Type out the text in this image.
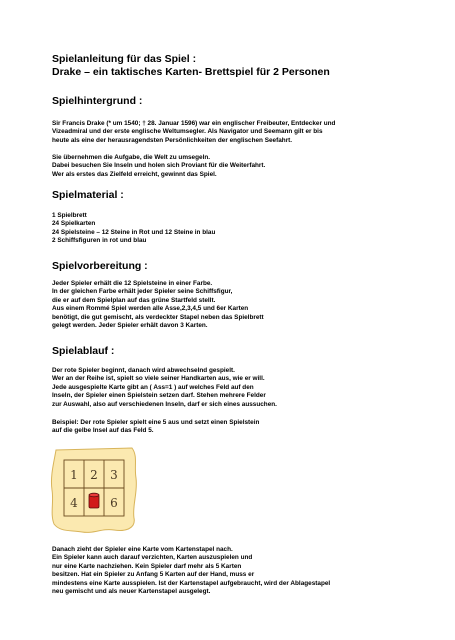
Spielanleitung für das Spiel :
Drake – ein taktisches Karten- Brettspiel für 2 Personen
Spielhintergrund :
Sir Francis Drake (* um 1540; † 28. Januar 1596) war ein englischer Freibeuter, Entdecker und
Vizeadmiral und der erste englische Weltumsegler. Als Navigator und Seemann gilt er bis
heute als eine der herausragendsten Persönlichkeiten der englischen Seefahrt.
Sie übernehmen die Aufgabe, die Welt zu umsegeln.
Dabei besuchen Sie Inseln und holen sich Proviant für die Weiterfahrt.
Wer als erstes das Zielfeld erreicht, gewinnt das Spiel.
Spielmaterial :
1 Spielbrett
24 Spielkarten
24 Spielsteine – 12 Steine in Rot und 12 Steine in blau
2 Schiffsfiguren in rot und blau
Spielvorbereitung :
Jeder Spieler erhält die 12 Spielsteine in einer Farbe.
In der gleichen Farbe erhält jeder Spieler seine Schiffsfigur,
die er auf dem Spielplan auf das grüne Startfeld stellt.
Aus einem Rommé Spiel werden alle Asse,2,3,4,5 und 6er Karten
benötigt, die gut gemischt, als verdeckter Stapel neben das Spielbrett
gelegt werden. Jeder Spieler erhält davon 3 Karten.
Spielablauf :
Der rote Spieler beginnt, danach wird abwechselnd gespielt.
Wer an der Reihe ist, spielt so viele seiner Handkarten aus, wie er will.
Jede ausgespielte Karte gibt an ( Ass=1 ) auf welches Feld auf den
Inseln, der Spieler einen Spielstein setzen darf. Stehen mehrere Felder
zur Auswahl, also auf verschiedenen Inseln, darf er sich eines aussuchen.
Beispiel: Der rote Spieler spielt eine 5 aus und setzt einen Spielstein
auf die gelbe Insel auf das Feld 5.
1 2 3
4	6
Danach zieht der Spieler eine Karte vom Kartenstapel nach.
Ein Spieler kann auch darauf verzichten, Karten auszuspielen und
nur eine Karte nachziehen. Kein Spieler darf mehr als 5 Karten
besitzen. Hat ein Spieler zu Anfang 5 Karten auf der Hand, muss er
mindestens eine Karte ausspielen. Ist der Kartenstapel aufgebraucht, wird der Ablagestapel
neu gemischt und als neuer Kartenstapel ausgelegt.
